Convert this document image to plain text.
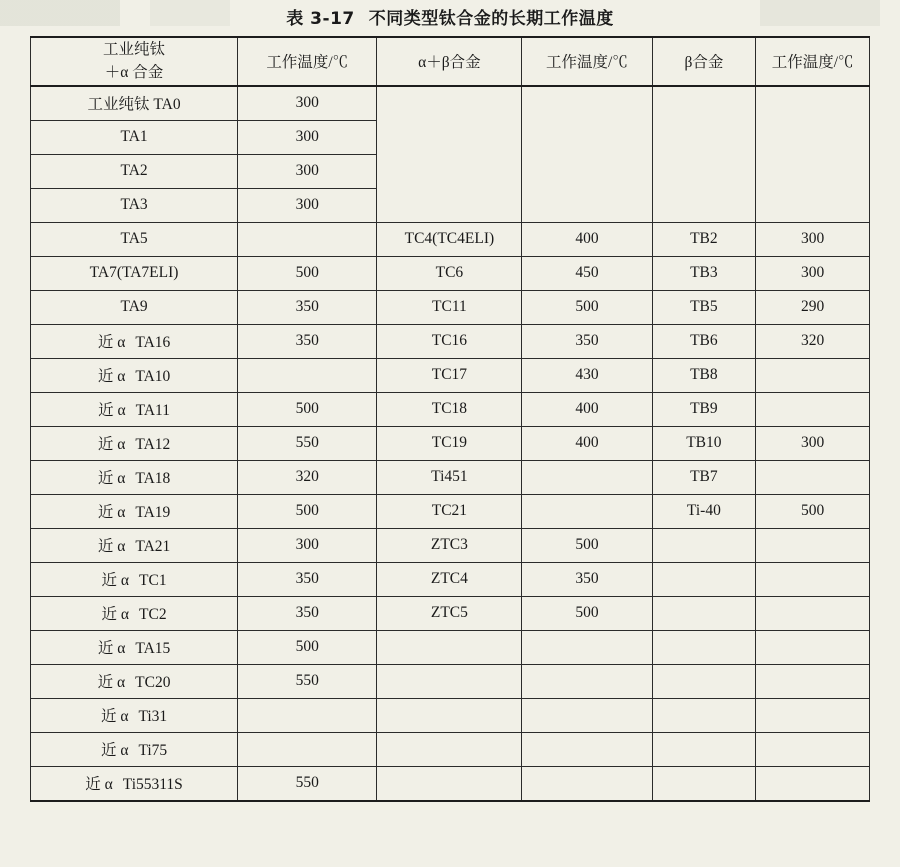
表 3-17 不同类型钛合金的长期工作温度
工业纯钛
＋α 合金	工作温度/℃	α＋β合金	工作温度/℃	β合金	工作温度/℃
工业纯钛 TA0	300				
TA1	300				
TA2	300				
TA3	300				
TA5		TC4(TC4ELI)	400	TB2	300
TA7(TA7ELI)	500	TC6	450	TB3	300
TA9	350	TC11	500	TB5	290
近 α TA16	350	TC16	350	TB6	320
近 α TA10		TC17	430	TB8	
近 α TA11	500	TC18	400	TB9	
近 α TA12	550	TC19	400	TB10	300
近 α TA18	320	Ti451		TB7	
近 α TA19	500	TC21		Ti-40	500
近 α TA21	300	ZTC3	500		
近 α TC1	350	ZTC4	350		
近 α TC2	350	ZTC5	500		
近 α TA15	500				
近 α TC20	550				
近 α Ti31					
近 α Ti75					
近 α Ti55311S	550				
